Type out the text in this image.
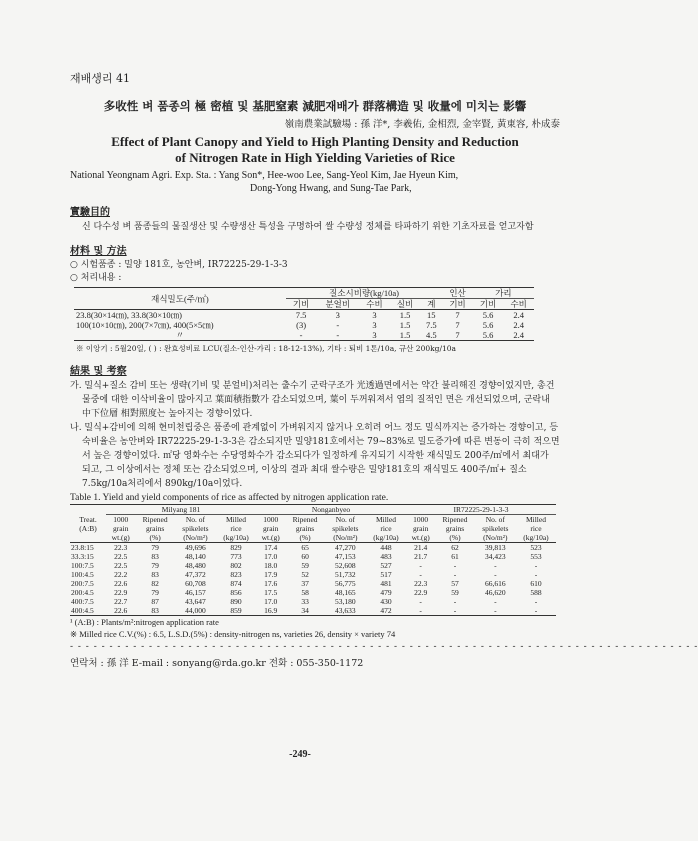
재배생리 41

多收性 벼 품종의 極 密植 및 基肥窒素 減肥재배가 群落構造 및 收量에 미치는 影響

嶺南農業試驗場 : 孫 洋*, 李羲佑, 金相烈, 金宰賢, 黃東容, 朴成泰

Effect of Plant Canopy and Yield to High Planting Density and Reduction
of Nitrogen Rate in High Yielding Varieties of Rice

National Yeongnam Agri. Exp. Sta. : Yang Son*, Hee-woo Lee, Sang-Yeol Kim, Jae Hyeun Kim,
Dong-Yong Hwang, and Sung-Tae Park,

實驗目的

신 다수성 벼 품종들의 물질생산 및 수량생산 특성을 구명하여 쌀 수량성 정체를 타파하기 위한 기초자료를 얻고자함

材料 및 方法

○ 시험품종 : 밀양 181호, 농안벼, IR72225-29-1-3-3

○ 처리내용 :

재식밀도(주/㎡)	질소시비량(kg/10a)					인산	가리	
	기비	분얼비	수비	실비	계	기비	기비	수비
23.8(30×14㎝), 33.8(30×10㎝)	7.5	3	3	1.5	15	7	5.6	2.4
100(10×10㎝), 200(7×7㎝), 400(5×5㎝)	(3)	-	3	1.5	7.5	7	5.6	2.4
〃	-	-	3	1.5	4.5	7	5.6	2.4
※ 이앙기 : 5월20일, ( ) : 완효성비료 LCU(질소-인산-가리 : 18-12-13%), 기타 : 퇴비 1톤/10a, 규산 200kg/10a
結果 및 考察

가. 밀식+질소 감비 또는 생략(기비 및 분얼비)처리는 출수기 군락구조가 光透過면에서는 약간 불리해진 경향이었지만, 총건물중에 대한 이삭비율이 많아지고 葉面積指數가 감소되었으며, 葉이 두꺼워져서 엽의 질적인 면은 개선되었으며, 군락내 中下位層 相對照度는 높아지는 경향이었다.

나. 밀식+감비에 의해 현미천립중은 품종에 관계없이 가벼워지지 않거나 오히려 어느 정도 밀식까지는 증가하는 경향이고, 등숙비율은 농안벼와 IR72225-29-1-3-3은 감소되지만 밀양181호에서는 79~83%로 밀도증가에 따른 변동이 극히 적으면서 높은 경향이었다. ㎡당 영화수는 수당영화수가 감소되다가 일정하게 유지되기 시작한 재식밀도 200주/㎡에서 최대가 되고, 그 이상에서는 정체 또는 감소되었으며, 이상의 결과 최대 쌀수량은 밀양181호의 재식밀도 400주/㎡+ 질소7.5kg/10a처리에서 890kg/10a이었다.

Table 1. Yield and yield components of rice as affected by nitrogen application rate.
Treat.
(A:B)	Milyang 181				Nonganbyeo				IR72225-29-1-3-3			
	1000
grain
wt.(g)	Ripened
grains
(%)	No. of
spikelets
(No/m²)	Milled
rice
(kg/10a)	1000
grain
wt.(g)	Ripened
grains
(%)	No. of
spikelets
(No/m²)	Milled
rice
(kg/10a)	1000
grain
wt.(g)	Ripened
grains
(%)	No. of
spikelets
(No/m²)	Milled
rice
(kg/10a)
23.8:15	22.3	79	49,696	829	17.4	65	47,270	448	21.4	62	39,813	523
33.3:15	22.5	83	48,140	773	17.0	60	47,153	483	21.7	61	34,423	553
100:7.5	22.5	79	48,480	802	18.0	59	52,608	527	-	-	-	-
100:4.5	22.2	83	47,372	823	17.9	52	51,732	517	-	-	-	-
200:7.5	22.6	82	60,708	874	17.6	37	56,775	481	22.3	57	66,616	610
200:4.5	22.9	79	46,157	856	17.5	58	48,165	479	22.9	59	46,620	588
400:7.5	22.7	87	43,647	890	17.0	33	53,180	430	-	-	-	-
400:4.5	22.6	83	44,000	859	16.9	34	43,633	472	-	-	-	-

¹ (A:B) : Plants/m²:nitrogen application rate

※ Milled rice C.V.(%) : 6.5, L.S.D.(5%) : density-nitrogen ns, varieties 26, density × variety 74

- - - - - - - - - - - - - - - - - - - - - - - - - - - - - - - - - - - - - - - - - - - - - - - - - - - - - - - - - - - - - - - - - - - - - - - - - - - - - - - -
연락처 : 孫 洋 E-mail : sonyang@rda.go.kr 전화 : 055-350-1172
-249-
